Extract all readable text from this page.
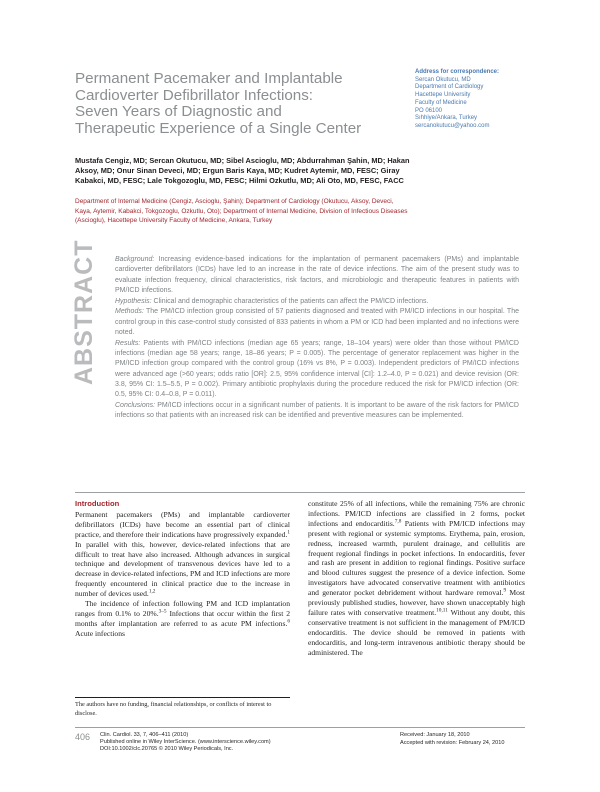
Permanent Pacemaker and Implantable
Cardioverter Defibrillator Infections:
Seven Years of Diagnostic and
Therapeutic Experience of a Single Center
Address for correspondence:
Sercan Okutucu, MD
Department of Cardiology
Hacettepe University
Faculty of Medicine
PO 06100
Sıhhiye/Ankara, Turkey
sercanokutucu@yahoo.com
Mustafa Cengiz, MD; Sercan Okutucu, MD; Sibel Ascioglu, MD; Abdurrahman Şahin, MD; Hakan Aksoy, MD; Onur Sinan Deveci, MD; Ergun Baris Kaya, MD; Kudret Aytemir, MD, FESC; Giray Kabakci, MD, FESC; Lale Tokgozoglu, MD, FESC; Hilmi Ozkutlu, MD; Ali Oto, MD, FESC, FACC
Department of Internal Medicine (Cengiz, Ascioglu, Şahin); Department of Cardiology (Okutucu, Aksoy, Deveci, Kaya, Aytemir, Kabakci, Tokgozoglu, Ozkutlu, Oto); Department of Internal Medicine, Division of Infectious Diseases (Ascioglu), Hacettepe University Faculty of Medicine, Ankara, Turkey
ABSTRACT Background: Increasing evidence-based indications for the implantation of permanent pacemakers (PMs) and implantable cardioverter defibrillators (ICDs) have led to an increase in the rate of device infections. The aim of the present study was to evaluate infection frequency, clinical characteristics, risk factors, and microbiologic and therapeutic features in patients with PM/ICD infections.

Hypothesis: Clinical and demographic characteristics of the patients can affect the PM/ICD infections.

Methods: The PM/ICD infection group consisted of 57 patients diagnosed and treated with PM/ICD infections in our hospital. The control group in this case-control study consisted of 833 patients in whom a PM or ICD had been implanted and no infections were noted.

Results: Patients with PM/ICD infections (median age 65 years; range, 18–104 years) were older than those without PM/ICD infections (median age 58 years; range, 18–86 years; P = 0.005). The percentage of generator replacement was higher in the PM/ICD infection group compared with the control group (16% vs 8%, P = 0.003). Independent predictors of PM/ICD infections were advanced age (>60 years; odds ratio [OR]: 2.5, 95% confidence interval [CI]: 1.2–4.0, P = 0.021) and device revision (OR: 3.8, 95% CI: 1.5–5.5, P = 0.002). Primary antibiotic prophylaxis during the procedure reduced the risk for PM/ICD infection (OR: 0.5, 95% CI: 0.4–0.8, P = 0.011).

Conclusions: PM/ICD infections occur in a significant number of patients. It is important to be aware of the risk factors for PM/ICD infections so that patients with an increased risk can be identified and preventive measures can be implemented.

Introduction

Permanent pacemakers (PMs) and implantable cardioverter defibrillators (ICDs) have become an essential part of clinical practice, and therefore their indications have progressively expanded.$^1$ In parallel with this, however, device-related infections that are difficult to treat have also increased. Although advances in surgical technique and development of transvenous devices have led to a decrease in device-related infections, PM and ICD infections are more frequently encountered in clinical practice due to the increase in number of devices used.$^{1,2}$

The incidence of infection following PM and ICD implantation ranges from 0.1% to 20%.$^{3-5}$ Infections that occur within the first 2 months after implantation are referred to as acute PM infections.$^6$ Acute infections

constitute 25% of all infections, while the remaining 75% are chronic infections. PM/ICD infections are classified in 2 forms, pocket infections and endocarditis.$^{7,8}$ Patients with PM/ICD infections may present with regional or systemic symptoms. Erythema, pain, erosion, redness, increased warmth, purulent drainage, and cellulitis are frequent regional findings in pocket infections. In endocarditis, fever and rash are present in addition to regional findings. Positive surface and blood cultures suggest the presence of a device infection. Some investigators have advocated conservative treatment with antibiotics and generator pocket debridement without hardware removal.$^9$ Most previously published studies, however, have shown unacceptably high failure rates with conservative treatment.$^{10,11}$ Without any doubt, this conservative treatment is not sufficient in the management of PM/ICD endocarditis. The device should be removed in patients with endocarditis, and long-term intravenous antibiotic therapy should be administered. The

The authors have no funding, financial relationships, or conflicts of interest to disclose.
406 Clin. Cardiol. 33, 7, 406–411 (2010)
Published online in Wiley InterScience. (www.interscience.wiley.com)
DOI:10.1002/clc.20765 © 2010 Wiley Periodicals, Inc.
Received: January 18, 2010
Accepted with revision: February 24, 2010
